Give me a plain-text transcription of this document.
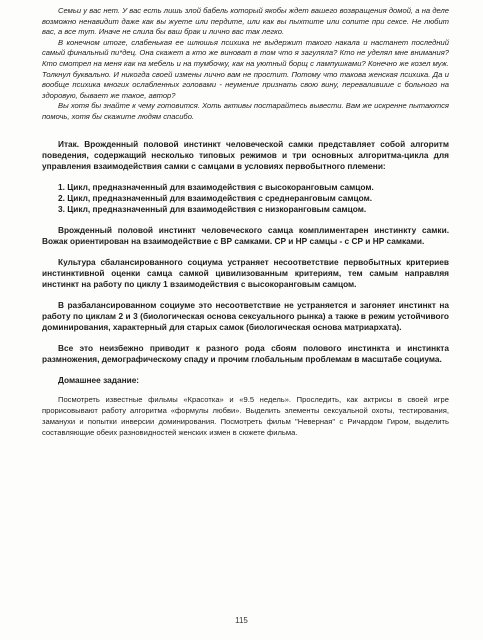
Семьи у вас нет. У вас есть лишь злой бабель который якобы ждет вашего возвращения домой, а на деле возможно ненавидит даже как вы жуете или пердите, или как вы пыхтите или сопите при сексе. Не любит вас, а все тут. Иначе не слила бы ваш брак и лично вас так легко.

В конечном итоге, слабенькая ее шлюшья психика не выдержит такого накала и настанет последний самый финальный пи*дец. Она скажет а кто же виноват в том что я загуляла? Кто не уделял мне внимания? Кто смотрел на меня как на мебель и на тумбочку, как на уютный борщ с лампушками? Конечно же козел муж. Толкнул буквально. И никогда своей измены лично вам не простит. Потому что такова женская психика. Да и вообще психика многих ослабленных головами - неумение признать свою вину, перевалившие с больного на здоровую, бывает же такое, автор?

Вы хотя бы знайте к чему готовится. Хоть активы постарайтесь вывести. Вам же искренне пытаются помочь, хотя бы скажите людям спасибо.

Итак. Врожденный половой инстинкт человеческой самки представляет собой алгоритм поведения, содержащий несколько типовых режимов и три основных алгоритма-цикла для управления взаимодействия самки с самцами в условиях первобытного племени:

1. Цикл, предназначенный для взаимодействия с высокоранговым самцом.
2. Цикл, предназначенный для взаимодействия с среднеранговым самцом.
3. Цикл, предназначенный для взаимодействия с низкоранговым самцом.

Врожденный половой инстинкт человеческого самца комплиментарен инстинкту самки. Вожак ориентирован на взаимодействие с ВР самками. СР и НР самцы - с СР и НР самками.

Культура сбалансированного социума устраняет несоответствие первобытных критериев инстинктивной оценки самца самкой цивилизованным критериям, тем самым направляя инстинкт на работу по циклу 1 взаимодействия с высокоранговым самцом.

В разбалансированном социуме это несоответствие не устраняется и загоняет инстинкт на работу по циклам 2 и 3 (биологическая основа сексуального рынка) а также в режим устойчивого доминирования, характерный для старых самок (биологическая основа матриархата).

Все это неизбежно приводит к разного рода сбоям полового инстинкта и инстинкта размножения, демографическому спаду и прочим глобальным проблемам в масштабе социума.

Домашнее задание:

Посмотреть известные фильмы «Красотка» и «9.5 недель». Проследить, как актрисы в своей игре прорисовывают работу алгоритма «формулы любви». Выделить элементы сексуальной охоты, тестирования, заманухи и попытки инверсии доминирования. Посмотреть фильм "Неверная" с Ричардом Гиром, выделить составляющие обеих разновидностей женских измен в сюжете фильма.

115
